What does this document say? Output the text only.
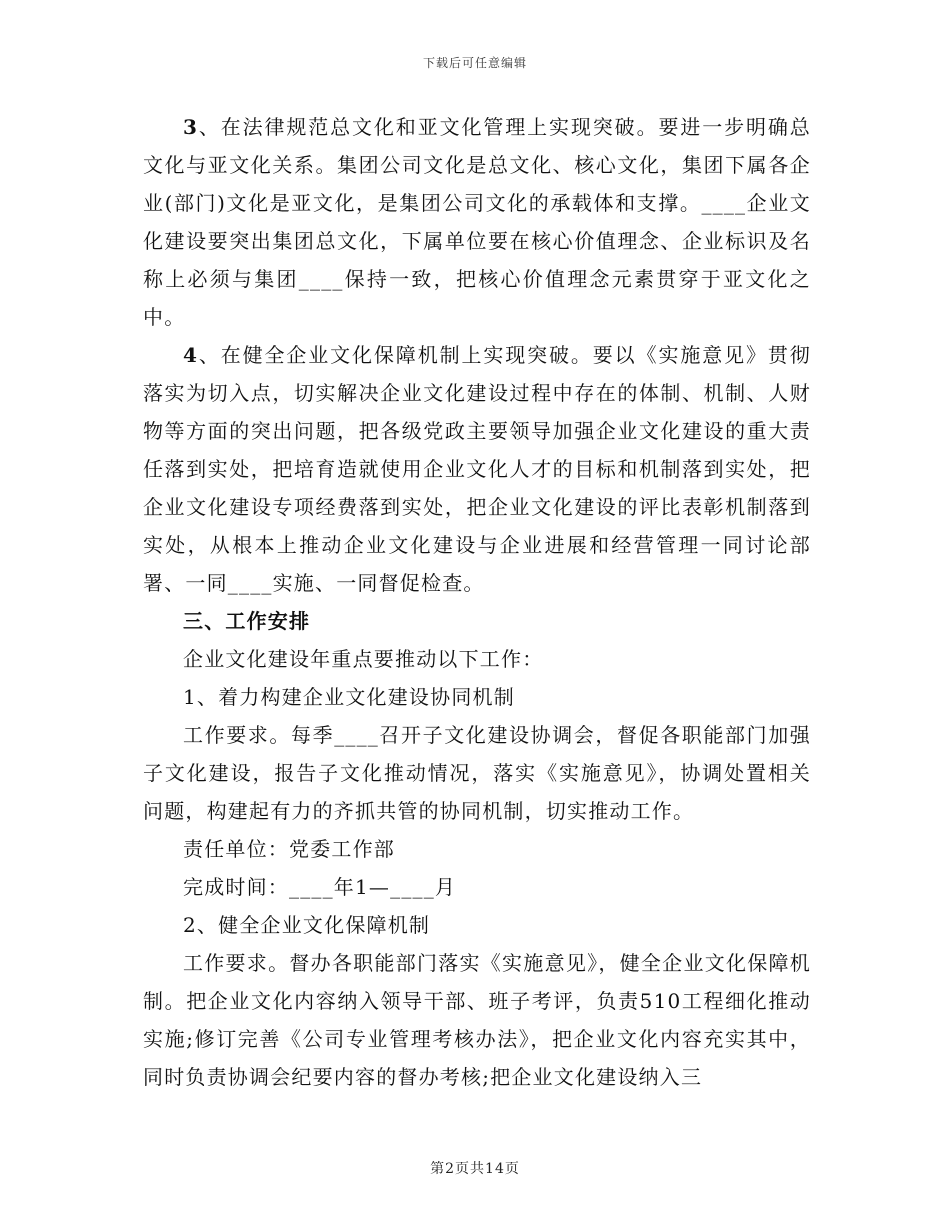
下载后可任意编辑

3、在法律规范总文化和亚文化管理上实现突破。要进一步明确总文化与亚文化关系。集团公司文化是总文化、核心文化，集团下属各企业(部门)文化是亚文化，是集团公司文化的承载体和支撑。____企业文化建设要突出集团总文化，下属单位要在核心价值理念、企业标识及名称上必须与集团____保持一致，把核心价值理念元素贯穿于亚文化之中。

4、在健全企业文化保障机制上实现突破。要以《实施意见》贯彻落实为切入点，切实解决企业文化建设过程中存在的体制、机制、人财物等方面的突出问题，把各级党政主要领导加强企业文化建设的重大责任落到实处，把培育造就使用企业文化人才的目标和机制落到实处，把企业文化建设专项经费落到实处，把企业文化建设的评比表彰机制落到实处，从根本上推动企业文化建设与企业进展和经营管理一同讨论部署、一同____实施、一同督促检查。

三、工作安排

企业文化建设年重点要推动以下工作：

1、着力构建企业文化建设协同机制

工作要求。每季____召开子文化建设协调会，督促各职能部门加强子文化建设，报告子文化推动情况，落实《实施意见》，协调处置相关问题，构建起有力的齐抓共管的协同机制，切实推动工作。

责任单位：党委工作部

完成时间：____年1—____月

2、健全企业文化保障机制

工作要求。督办各职能部门落实《实施意见》，健全企业文化保障机制。把企业文化内容纳入领导干部、班子考评，负责510工程细化推动实施;修订完善《公司专业管理考核办法》，把企业文化内容充实其中，同时负责协调会纪要内容的督办考核;把企业文化建设纳入三

第2页共14页
